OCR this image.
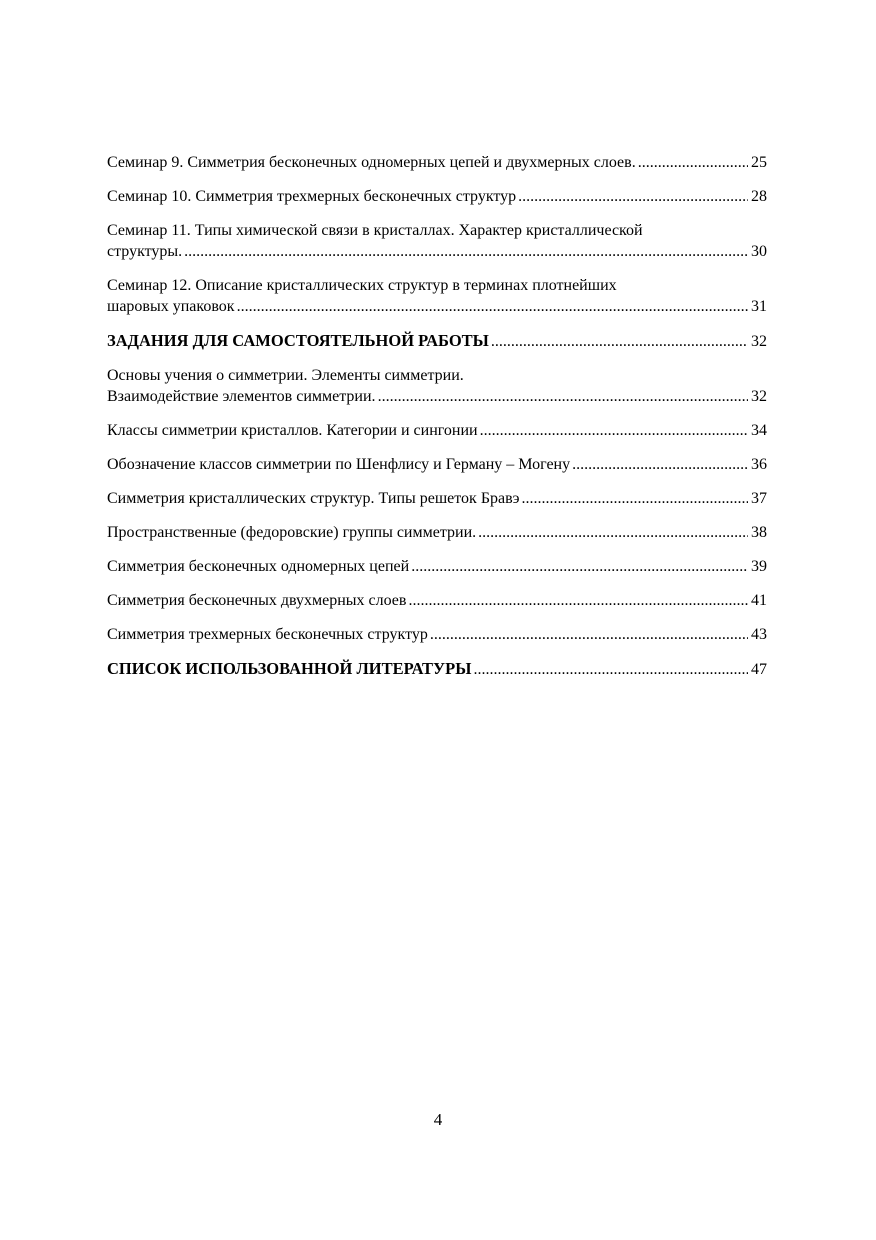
Семинар 9. Симметрия бесконечных одномерных цепей и двухмерных слоев. .....	25
Семинар 10. Симметрия трехмерных бесконечных структур .....	28
Семинар 11. Типы химической связи в кристаллах. Характер кристаллической
структуры. .....	30
Семинар 12. Описание кристаллических структур в терминах плотнейших
шаровых упаковок .....	31
ЗАДАНИЯ ДЛЯ САМОСТОЯТЕЛЬНОЙ РАБОТЫ .....	32
Основы учения о симметрии. Элементы симметрии.
Взаимодействие элементов симметрии. .....	32
Классы симметрии кристаллов. Категории и сингонии .....	34
Обозначение классов симметрии по Шенфлису и Герману – Могену .....	36
Симметрия кристаллических структур. Типы решеток Бравэ .....	37
Пространственные (федоровские) группы симметрии. .....	38
Симметрия бесконечных одномерных цепей .....	39
Симметрия бесконечных двухмерных слоев .....	41
Симметрия трехмерных бесконечных структур .....	43
СПИСОК ИСПОЛЬЗОВАННОЙ ЛИТЕРАТУРЫ .....	47
4
